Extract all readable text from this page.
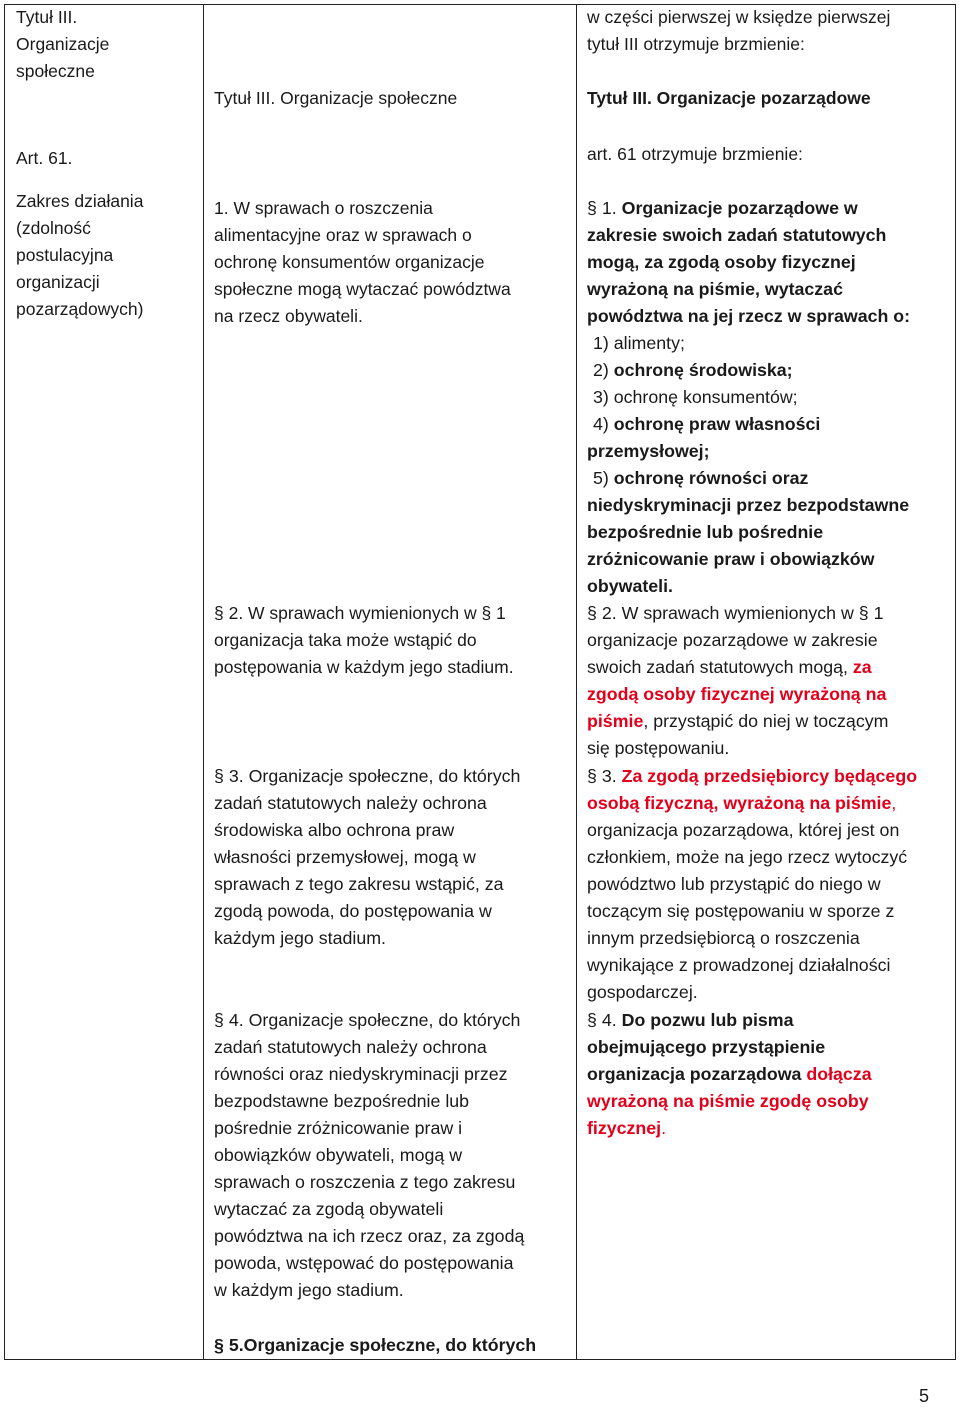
Tytuł III.
Organizacje
społeczne
Art. 61.
Zakres działania
(zdolność
postulacyjna
organizacji
pozarządowych)
Tytuł III. Organizacje społeczne
1. W sprawach o roszczenia
alimentacyjne oraz w sprawach o
ochronę konsumentów organizacje
społeczne mogą wytaczać powództwa
na rzecz obywateli.
§ 2. W sprawach wymienionych w § 1
organizacja taka może wstąpić do
postępowania w każdym jego stadium.
§ 3. Organizacje społeczne, do których
zadań statutowych należy ochrona
środowiska albo ochrona praw
własności przemysłowej, mogą w
sprawach z tego zakresu wstąpić, za
zgodą powoda, do postępowania w
każdym jego stadium.
§ 4. Organizacje społeczne, do których
zadań statutowych należy ochrona
równości oraz niedyskryminacji przez
bezpodstawne bezpośrednie lub
pośrednie zróżnicowanie praw i
obowiązków obywateli, mogą w
sprawach o roszczenia z tego zakresu
wytaczać za zgodą obywateli
powództwa na ich rzecz oraz, za zgodą
powoda, wstępować do postępowania
w każdym jego stadium.
§ 5.Organizacje społeczne, do których
w części pierwszej w księdze pierwszej
tytuł III otrzymuje brzmienie:
Tytuł III. Organizacje pozarządowe
art. 61 otrzymuje brzmienie:
§ 1. Organizacje pozarządowe w
zakresie swoich zadań statutowych
mogą, za zgodą osoby fizycznej
wyrażoną na piśmie, wytaczać
powództwa na jej rzecz w sprawach o:
1) alimenty;
2) ochronę środowiska;
3) ochronę konsumentów;
4) ochronę praw własności
przemysłowej;
5) ochronę równości oraz
niedyskryminacji przez bezpodstawne
bezpośrednie lub pośrednie
zróżnicowanie praw i obowiązków
obywateli.
§ 2. W sprawach wymienionych w § 1
organizacje pozarządowe w zakresie
swoich zadań statutowych mogą, za
zgodą osoby fizycznej wyrażoną na
piśmie, przystąpić do niej w toczącym
się postępowaniu.
§ 3. Za zgodą przedsiębiorcy będącego
osobą fizyczną, wyrażoną na piśmie,
organizacja pozarządowa, której jest on
członkiem, może na jego rzecz wytoczyć
powództwo lub przystąpić do niego w
toczącym się postępowaniu w sporze z
innym przedsiębiorcą o roszczenia
wynikające z prowadzonej działalności
gospodarczej.
§ 4. Do pozwu lub pisma
obejmującego przystąpienie
organizacja pozarządowa dołącza
wyrażoną na piśmie zgodę osoby
fizycznej.
5
